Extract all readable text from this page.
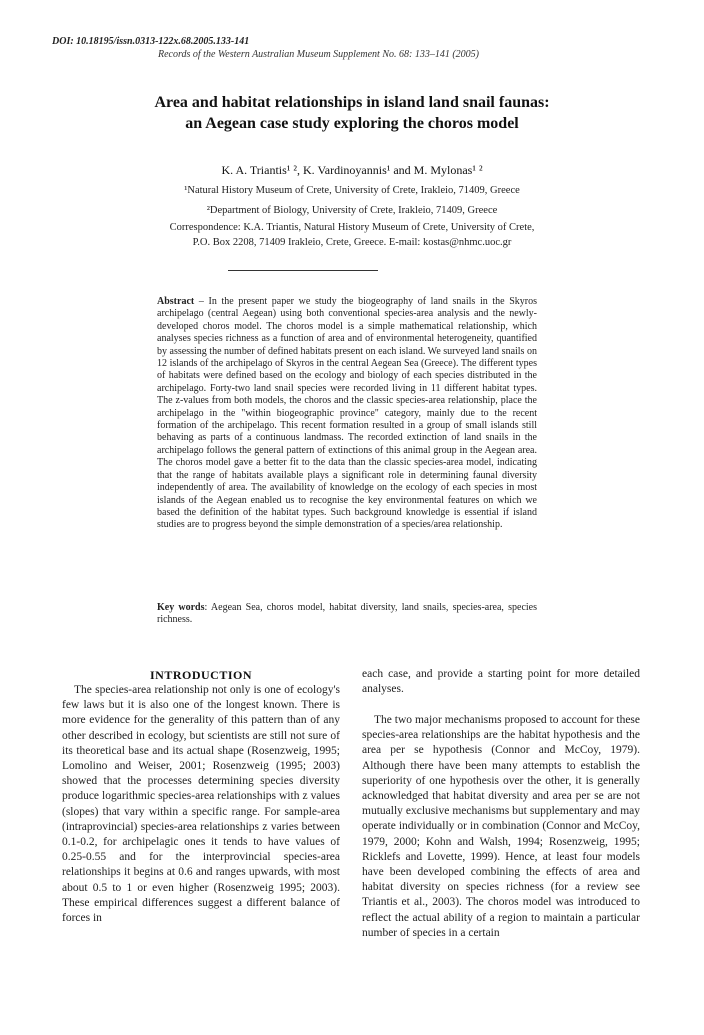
DOI: 10.18195/issn.0313-122x.68.2005.133-141
Records of the Western Australian Museum Supplement No. 68: 133–141 (2005)
Area and habitat relationships in island land snail faunas:
an Aegean case study exploring the choros model
K. A. Triantis¹ ², K. Vardinoyannis¹ and M. Mylonas¹ ²
¹Natural History Museum of Crete, University of Crete, Irakleio, 71409, Greece
²Department of Biology, University of Crete, Irakleio, 71409, Greece
Correspondence: K.A. Triantis, Natural History Museum of Crete, University of Crete,
P.O. Box 2208, 71409 Irakleio, Crete, Greece. E-mail: kostas@nhmc.uoc.gr

Abstract – In the present paper we study the biogeography of land snails in the Skyros archipelago (central Aegean) using both conventional species-area analysis and the newly-developed choros model. The choros model is a simple mathematical relationship, which analyses species richness as a function of area and of environmental heterogeneity, quantified by assessing the number of defined habitats present on each island. We surveyed land snails on 12 islands of the archipelago of Skyros in the central Aegean Sea (Greece). The different types of habitats were defined based on the ecology and biology of each species distributed in the archipelago. Forty-two land snail species were recorded living in 11 different habitat types. The z-values from both models, the choros and the classic species-area relationship, place the archipelago in the "within biogeographic province" category, mainly due to the recent formation of the archipelago. This recent formation resulted in a group of small islands still behaving as parts of a continuous landmass. The recorded extinction of land snails in the archipelago follows the general pattern of extinctions of this animal group in the Aegean area. The choros model gave a better fit to the data than the classic species-area model, indicating that the range of habitats available plays a significant role in determining faunal diversity independently of area. The availability of knowledge on the ecology of each species in most islands of the Aegean enabled us to recognise the key environmental features on which we based the definition of the habitat types. Such background knowledge is essential if island studies are to progress beyond the simple demonstration of a species/area relationship.

Key words: Aegean Sea, choros model, habitat diversity, land snails, species-area, species richness.

INTRODUCTION

The species-area relationship not only is one of ecology's few laws but it is also one of the longest known. There is more evidence for the generality of this pattern than of any other described in ecology, but scientists are still not sure of its theoretical base and its actual shape (Rosenzweig, 1995; Lomolino and Weiser, 2001; Rosenzweig (1995; 2003) showed that the processes determining species diversity produce logarithmic species-area relationships with z values (slopes) that vary within a specific range. For sample-area (intraprovincial) species-area relationships z varies between 0.1-0.2, for archipelagic ones it tends to have values of 0.25-0.55 and for the interprovincial species-area relationships it begins at 0.6 and ranges upwards, with most about 0.5 to 1 or even higher (Rosenzweig 1995; 2003). These empirical differences suggest a different balance of forces in

each case, and provide a starting point for more detailed analyses.

The two major mechanisms proposed to account for these species-area relationships are the habitat hypothesis and the area per se hypothesis (Connor and McCoy, 1979). Although there have been many attempts to establish the superiority of one hypothesis over the other, it is generally acknowledged that habitat diversity and area per se are not mutually exclusive mechanisms but supplementary and may operate individually or in combination (Connor and McCoy, 1979, 2000; Kohn and Walsh, 1994; Rosenzweig, 1995; Ricklefs and Lovette, 1999). Hence, at least four models have been developed combining the effects of area and habitat diversity on species richness (for a review see Triantis et al., 2003). The choros model was introduced to reflect the actual ability of a region to maintain a particular number of species in a certain
